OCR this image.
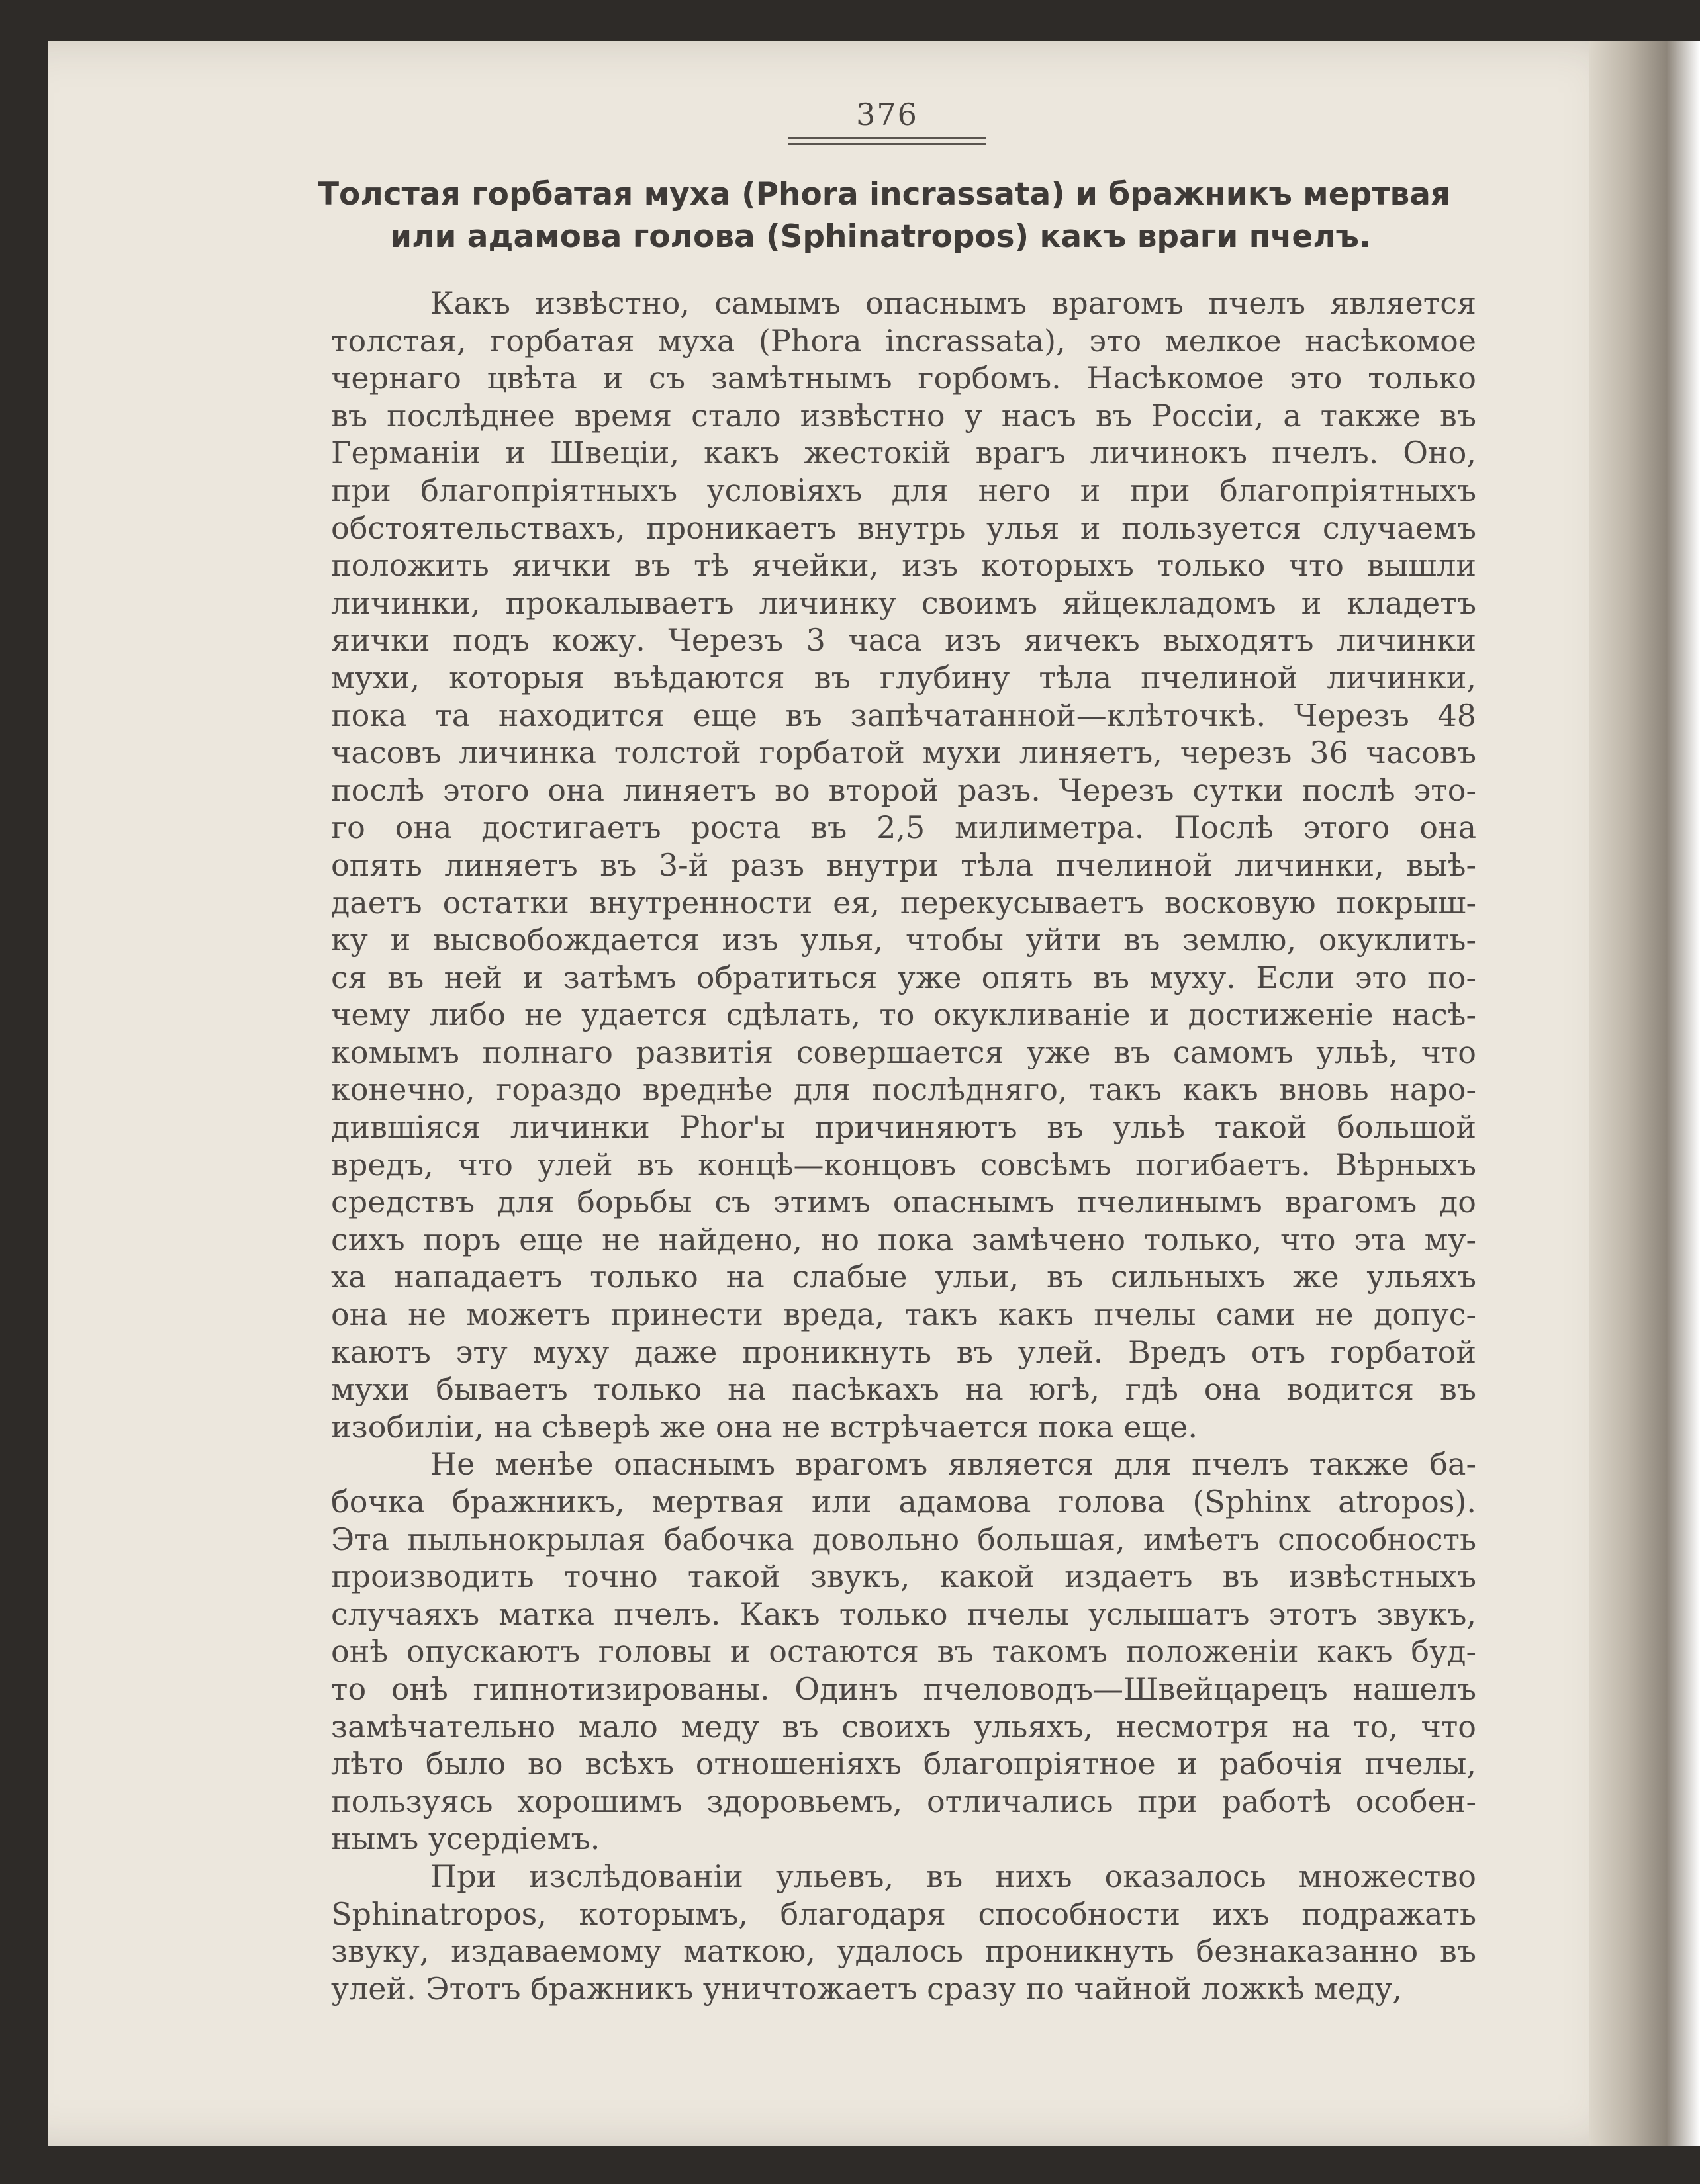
376
Толстая горбатая муха (Phora incrassata) и бражникъ мертвая
или адамова голова (Sphinatropos) какъ враги пчелъ.
Какъ извѣстно, самымъ опаснымъ врагомъ пчелъ является
толстая, горбатая муха (Phora incrassata), это мелкое насѣкомое
чернаго цвѣта и съ замѣтнымъ горбомъ. Насѣкомое это только
въ послѣднее время стало извѣстно у насъ въ Россіи, а также въ
Германіи и Швеціи, какъ жестокій врагъ личинокъ пчелъ. Оно,
при благопріятныхъ условіяхъ для него и при благопріятныхъ
обстоятельствахъ, проникаетъ внутрь улья и пользуется случаемъ
положить яички въ тѣ ячейки, изъ которыхъ только что вышли
личинки, прокалываетъ личинку своимъ яйцекладомъ и кладетъ
яички подъ кожу. Черезъ 3 часа изъ яичекъ выходятъ личинки
мухи, которыя въѣдаются въ глубину тѣла пчелиной личинки,
пока та находится еще въ запѣчатанной—клѣточкѣ. Черезъ 48
часовъ личинка толстой горбатой мухи линяетъ, черезъ 36 часовъ
послѣ этого она линяетъ во второй разъ. Черезъ сутки послѣ это-
го она достигаетъ роста въ 2,5 милиметра. Послѣ этого она
опять линяетъ въ 3-й разъ внутри тѣла пчелиной личинки, выѣ-
даетъ остатки внутренности ея, перекусываетъ восковую покрыш-
ку и высвобождается изъ улья, чтобы уйти въ землю, окуклить-
ся въ ней и затѣмъ обратиться уже опять въ муху. Если это по-
чему либо не удается сдѣлать, то окукливаніе и достиженіе насѣ-
комымъ полнаго развитія совершается уже въ самомъ ульѣ, что
конечно, гораздо вреднѣе для послѣдняго, такъ какъ вновь наро-
дившіяся личинки Phor'ы причиняютъ въ ульѣ такой большой
вредъ, что улей въ концѣ—концовъ совсѣмъ погибаетъ. Вѣрныхъ
средствъ для борьбы съ этимъ опаснымъ пчелинымъ врагомъ до
сихъ поръ еще не найдено, но пока замѣчено только, что эта му-
ха нападаетъ только на слабые ульи, въ сильныхъ же ульяхъ
она не можетъ принести вреда, такъ какъ пчелы сами не допус-
каютъ эту муху даже проникнуть въ улей. Вредъ отъ горбатой
мухи бываетъ только на пасѣкахъ на югѣ, гдѣ она водится въ
изобиліи, на сѣверѣ же она не встрѣчается пока еще.
Не менѣе опаснымъ врагомъ является для пчелъ также ба-
бочка бражникъ, мертвая или адамова голова (Sphinx atropos).
Эта пыльнокрылая бабочка довольно большая, имѣетъ способность
производить точно такой звукъ, какой издаетъ въ извѣстныхъ
случаяхъ матка пчелъ. Какъ только пчелы услышатъ этотъ звукъ,
онѣ опускаютъ головы и остаются въ такомъ положеніи какъ буд-
то онѣ гипнотизированы. Одинъ пчеловодъ—Швейцарецъ нашелъ
замѣчательно мало меду въ своихъ ульяхъ, несмотря на то, что
лѣто было во всѣхъ отношеніяхъ благопріятное и рабочія пчелы,
пользуясь хорошимъ здоровьемъ, отличались при работѣ особен-
нымъ усердіемъ.
При изслѣдованіи ульевъ, въ нихъ оказалось множество
Sphinatropos, которымъ, благодаря способности ихъ подражать
звуку, издаваемому маткою, удалось проникнуть безнаказанно въ
улей. Этотъ бражникъ уничтожаетъ сразу по чайной ложкѣ меду,
